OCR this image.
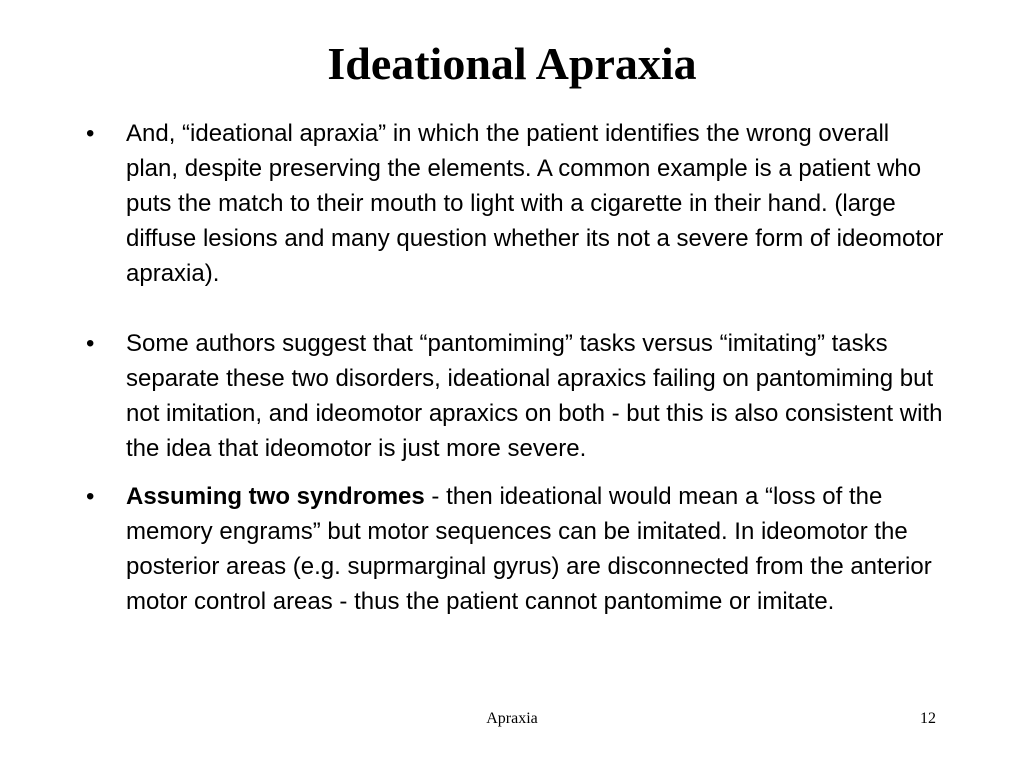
Ideational Apraxia
•	And, “ideational apraxia” in which the patient identifies the wrong overall plan, despite preserving the elements. A common example is a patient who puts the match to their mouth to light with a cigarette in their hand. (large diffuse lesions and many question whether its not a severe form of ideomotor apraxia).
•	Some authors suggest that “pantomiming” tasks versus “imitating” tasks separate these two disorders, ideational apraxics failing on pantomiming but not imitation, and ideomotor apraxics on both - but this is also consistent with the idea that ideomotor is just more severe.
•	Assuming two syndromes - then ideational would mean a “loss of the memory engrams” but motor sequences can be imitated. In ideomotor the posterior areas (e.g. suprmarginal gyrus) are disconnected from the anterior motor control areas - thus the patient cannot pantomime or imitate.
Apraxia	12
